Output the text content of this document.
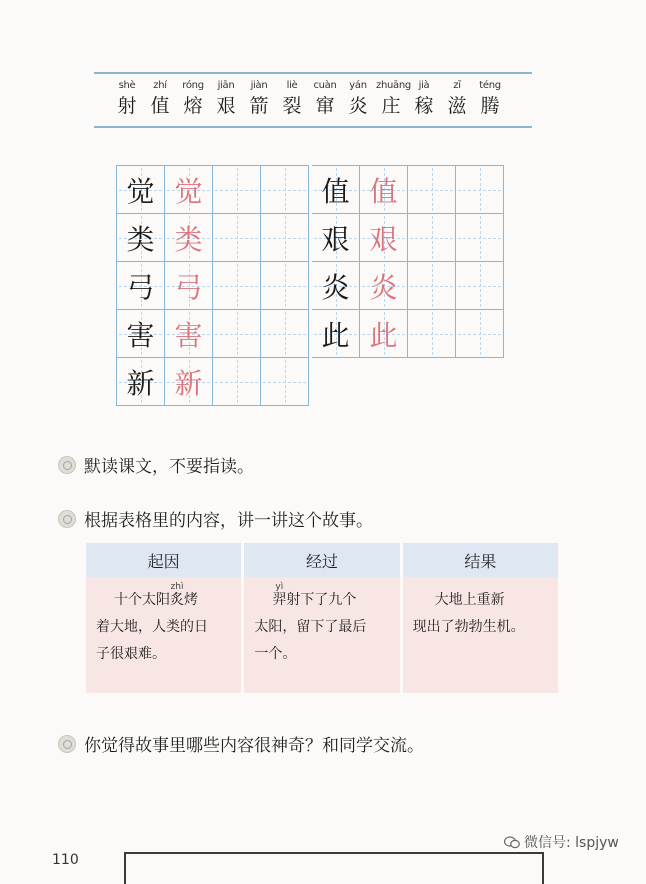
shè
射
zhí
值
róng
熔
jiān
艰
jiàn
箭
liè
裂
cuàn
窜
yán
炎
zhuāng
庄
jià
稼
zī
滋
téng
腾
觉 觉
类 类
弓 弓
害 害
新 新
值 值
艰 艰
炎 炎
此 此
默读课文，不要指读。
根据表格里的内容，讲一讲这个故事。
你觉得故事里哪些内容很神奇？和同学交流。
起因	经过	结果
十个太阳
zhì
炙烤
着大地，人类的日
子很艰难。
yì
羿射下了九个
太阳，留下了最后
一个。
大地上重新
现出了勃勃生机。
110
微信号: lspjyw
